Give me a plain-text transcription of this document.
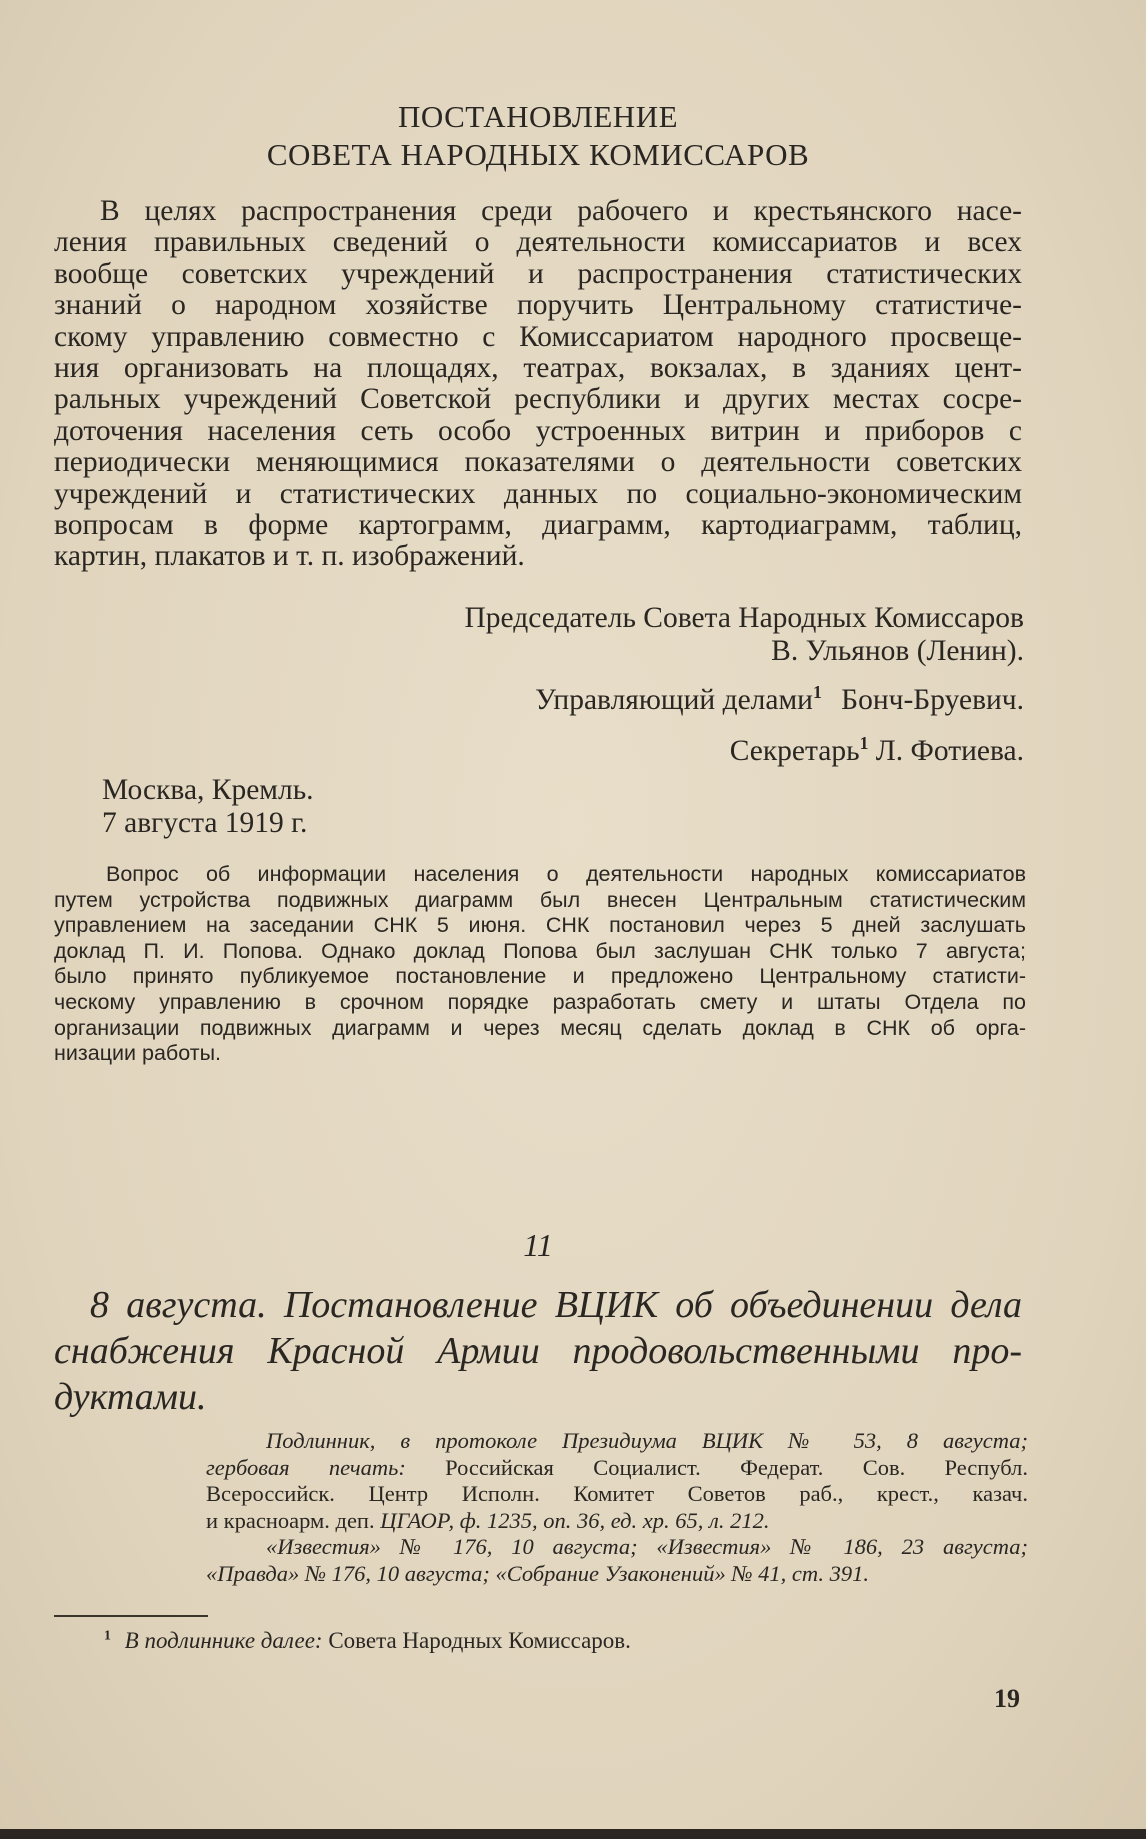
ПОСТАНОВЛЕНИЕ
СОВЕТА НАРОДНЫХ КОМИССАРОВ
В целях распространения среди рабочего и крестьянского насе-
ления правильных сведений о деятельности комиссариатов и всех
вообще советских учреждений и распространения статистических
знаний о народном хозяйстве поручить Центральному статистиче-
скому управлению совместно с Комиссариатом народного просвеще-
ния организовать на площадях, театрах, вокзалах, в зданиях цент-
ральных учреждений Советской республики и других местах сосре-
доточения населения сеть особо устроенных витрин и приборов с
периодически меняющимися показателями о деятельности советских
учреждений и статистических данных по социально-экономическим
вопросам в форме картограмм, диаграмм, картодиаграмм, таблиц,
картин, плакатов и т. п. изображений.
Председатель Совета Народных Комиссаров
В. Ульянов (Ленин).
Управляющий делами$^1$ Бонч-Бруевич.
Секретарь$^1$ Л. Фотиева.
Москва, Кремль.
7 августа 1919 г.
Вопрос об информации населения о деятельности народных комиссариатов
путем устройства подвижных диаграмм был внесен Центральным статистическим
управлением на заседании СНК 5 июня. СНК постановил через 5 дней заслушать
доклад П. И. Попова. Однако доклад Попова был заслушан СНК только 7 августа;
было принято публикуемое постановление и предложено Центральному статисти-
ческому управлению в срочном порядке разработать смету и штаты Отдела по
организации подвижных диаграмм и через месяц сделать доклад в СНК об орга-
низации работы.
11
8 августа. Постановление ВЦИК об объединении дела
снабжения Красной Армии продовольственными про-
дуктами.
Подлинник, в протоколе Президиума ВЦИК № 53, 8 августа;
гербовая печать: Российская Социалист. Федерат. Сов. Республ.
Всероссийск. Центр Исполн. Комитет Советов раб., крест., казач.
и красноарм. деп. ЦГАОР, ф. 1235, оп. 36, ед. хр. 65, л. 212.
«Известия» № 176, 10 августа; «Известия» № 186, 23 августа;
«Правда» № 176, 10 августа; «Собрание Узаконений» № 41, ст. 391.
$^1$ В подлиннике далее: Совета Народных Комиссаров.
19
